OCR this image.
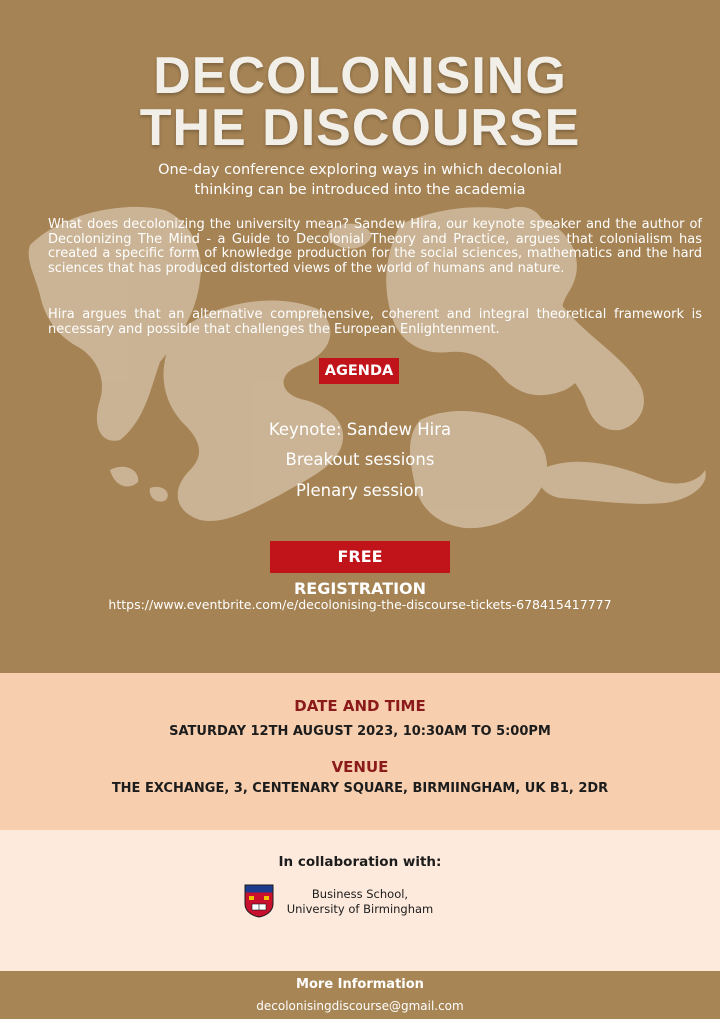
DECOLONISING
THE DISCOURSE
One-day conference exploring ways in which decolonial
thinking can be introduced into the academia
What does decolonizing the university mean? Sandew Hira, our keynote speaker and the author of Decolonizing The Mind - a Guide to Decolonial Theory and Practice, argues that colonialism has created a specific form of knowledge production for the social sciences, mathematics and the hard sciences that has produced distorted views of the world of humans and nature.
Hira argues that an alternative comprehensive, coherent and integral theoretical framework is necessary and possible that challenges the European Enlightenment.
AGENDA
Keynote: Sandew Hira
Breakout sessions
Plenary session
FREE REGISTRATION
https://www.eventbrite.com/e/decolonising-the-discourse-tickets-678415417777
DATE AND TIME
SATURDAY 12TH AUGUST 2023, 10:30AM TO 5:00PM
VENUE
THE EXCHANGE, 3, CENTENARY SQUARE, BIRMIINGHAM, UK B1, 2DR
In collaboration with:
Business School,
University of Birmingham
More Information
decolonisingdiscourse@gmail.com
